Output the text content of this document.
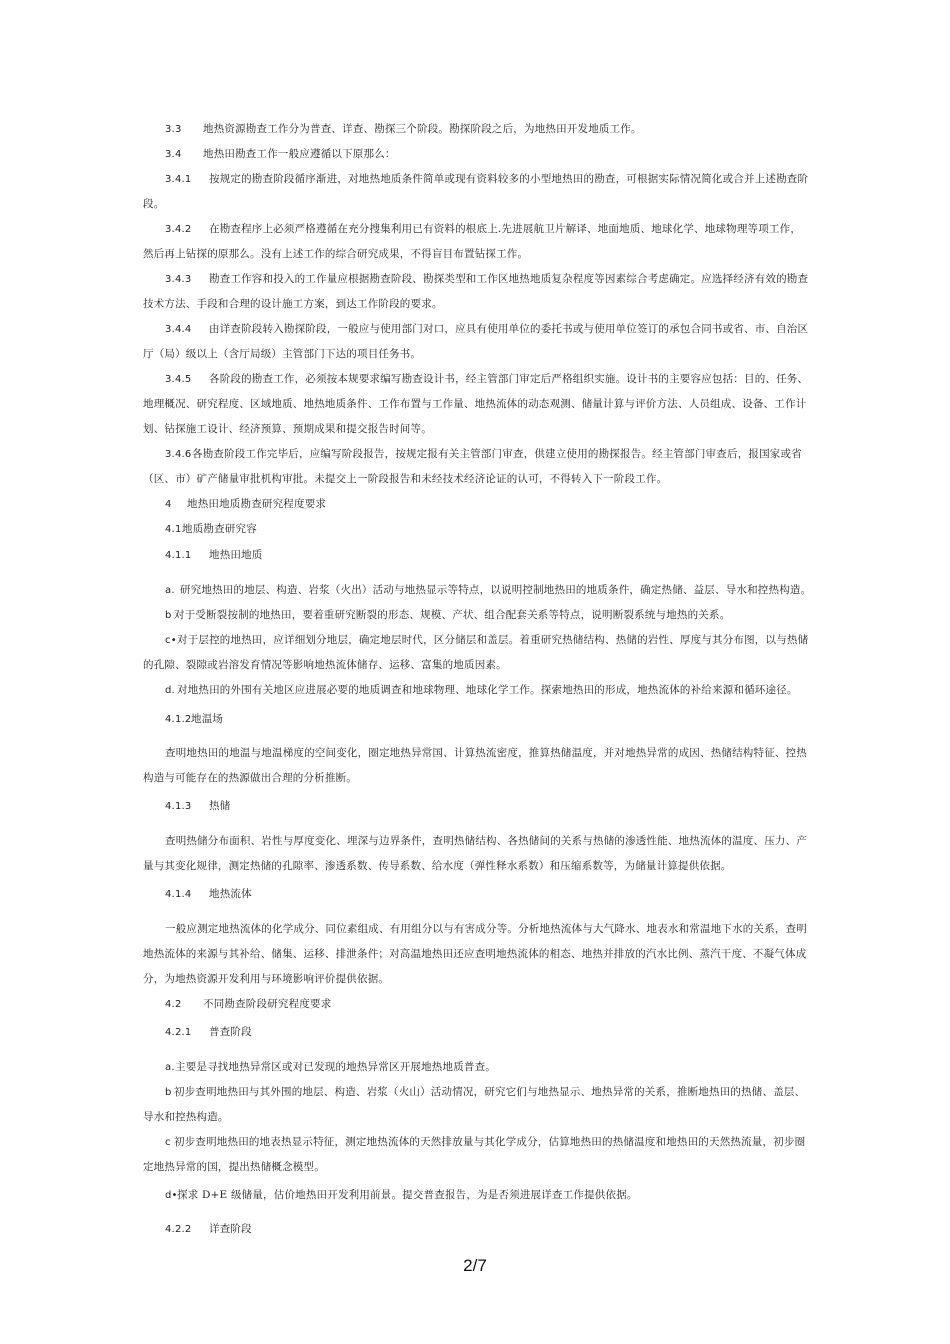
3.3 地热资源勘查工作分为普查、详查、勘探三个阶段。勘探阶段之后，为地热田开发地质工作。
3.4 地热田勘查工作一般应遵循以下原那么：
3.4.1 按规定的勘查阶段循序渐进，对地热地质条件简单或现有资料较多的小型地热田的勘查，可根据实际情况简化或合并上述勘查阶
段。
3.4.2 在勘查程序上必须严格遵循在充分搜集利用已有资料的根底上.先进展航卫片解译、地面地质、地球化学、地球物理等项工作，
然后再上钻探的原那么。没有上述工作的综合研究成果，不得盲目布置钻探工作。
3.4.3 勘查工作容和投入的工作量应根据勘查阶段、勘探类型和工作区地热地质复杂程度等因素综合考虑确定。应选择经济有效的勘查
技术方法、手段和合理的设计施工方案，到达工作阶段的要求。
3.4.4 由详查阶段转入勘探阶段，一般应与使用部门对口，应具有使用单位的委托书或与使用单位签订的承包合同书或省、市、自治区
厅（局）级以上（含厅局级）主管部门下达的项目任务书。
3.4.5 各阶段的勘查工作，必须按本规要求编写勘查设计书，经主管部门审定后严格组织实施。设计书的主要容应包括：目的、任务、
地理概况、研究程度、区域地质、地热地质条件、工作布置与工作量、地热流体的动态观测、储量计算与评价方法、人员组成、设备、工作计
划、钻探施工设计、经济预算、预期成果和提交报告时间等。
3.4.6各勘查阶段工作完毕后，应编写阶段报告，按规定报有关主管部门审查，供建立使用的勘探报告。经主管部门审查后，报国家或省
（区、市）矿产储量审批机构审批。未提交上一阶段报告和未经技术经济论证的认可，不得转入下一阶段工作。
4 地热田地质勘查研究程度要求
4.1地质勘查研究容
4.1.1 地热田地质
a. 研究地热田的地层、构造、岩浆（火出）活动与地热显示等特点，以说明控制地热田的地质条件，确定热储、益层、导水和控热构造。
b 对于受断裂按制的地热田，要着重研究断裂的形态、规模、产状、组合配套关系等特点，说明断裂系统与地热的关系。
c•对于层控的地热田，应详细划分地层，确定地层时代，区分储层和盖层。着重研究热储结构、热储的岩性、厚度与其分布图，以与热储
的孔隙、裂隙或岩溶发育情况等影响地热流体储存、运移、富集的地质因素。
d. 对地热田的外围有关地区应进展必要的地质调查和地球物理、地球化学工作。探索地热田的形成，地热流体的补给来源和循环途径。
4.1.2地温场
查明地热田的地温与地温梯度的空间变化，圈定地热异常国、计算热流密度，推算热储温度，并对地热异常的成因、热储结构特征、控热
构造与可能存在的热源做出合理的分析推断。
4.1.3 热储
查明热储分布面积、岩性与厚度变化、埋深与边界条件，查明热储结构、各热储间的关系与热储的渗透性能、地热流体的温度、压力、产
量与其变化规律，测定热储的孔隙率、渗透系数、传导系数、给水度（弹性释水系数）和压缩系数等，为储量计算提供依据。
4.1.4 地热流体
一般应测定地热流体的化学成分、同位素组成、有用组分以与有害成分等。分析地热流体与大气降水、地表水和常温地下水的关系，查明
地热流体的来源与其补给、储集、运移、排泄条件；对高温地热田还应查明地热流体的相态、地热并排放的汽水比例、蒸汽干度、不凝气体成
分，为地热资源开发利用与环境影响评价提供依据。
4.2 不同勘查阶段研究程度要求
4.2.1 普查阶段
a.主要是寻找地热异常区或对已发现的地热异常区开展地热地质普查。
b 初步查明地热田与其外围的地层、构造、岩浆（火山）活动情况，研究它们与地热显示、地热异常的关系，推断地热田的热储、盖层、
导水和控热构造。
c 初步查明地热田的地表热显示特征，测定地热流体的天然排放量与其化学成分，估算地热田的热储温度和地热田的天然热流量，初步圈
定地热异常的国，提出热储概念模型。
d•探求 D+E 级储量，估价地热田开发利用前景。提交普查报告，为是否须进展详查工作提供依据。
4.2.2 详查阶段
2/7
